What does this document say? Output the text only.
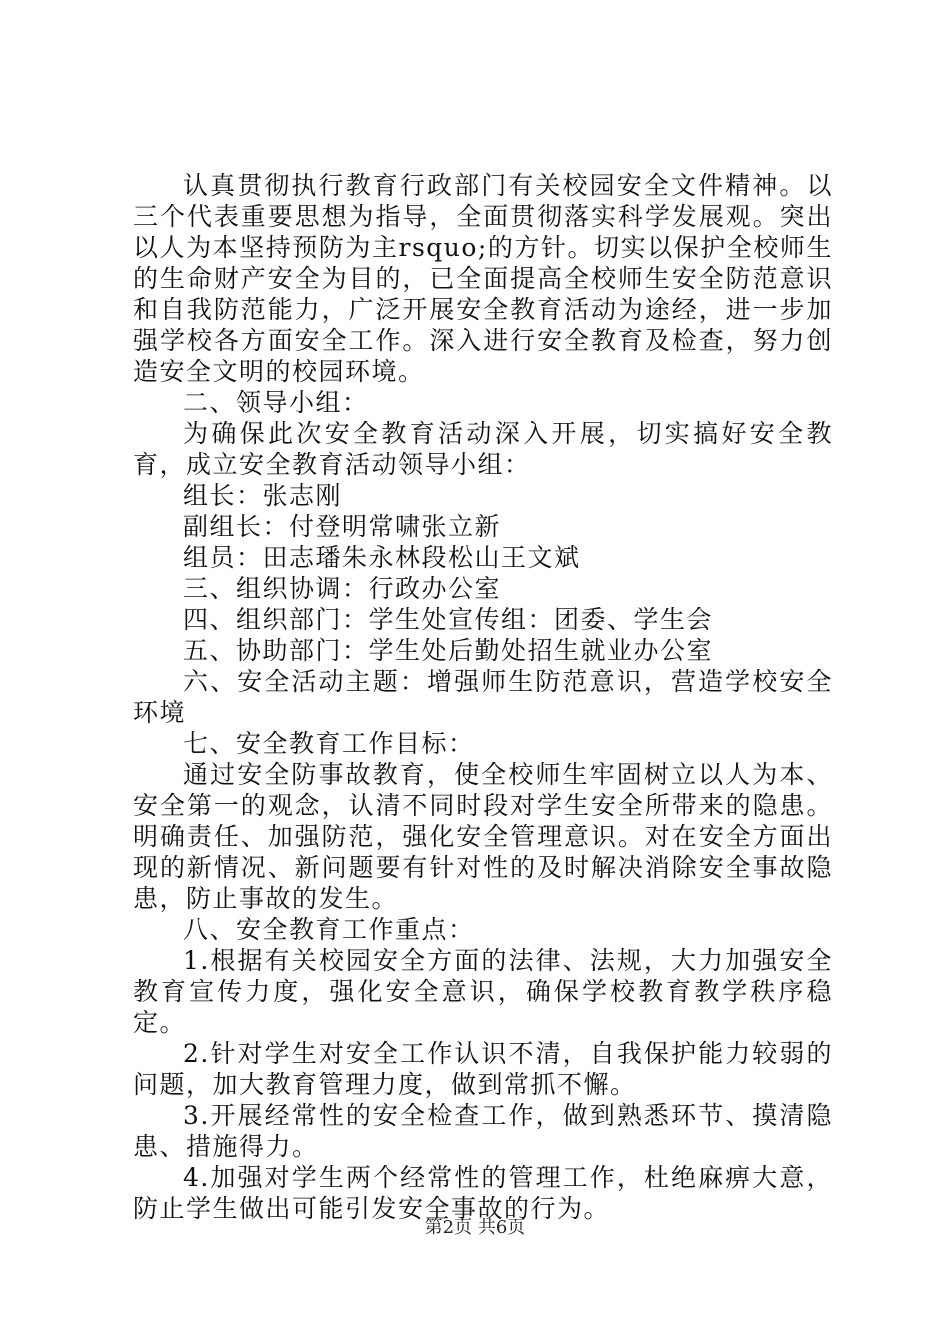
认真贯彻执行教育行政部门有关校园安全文件精神。以三个代表重要思想为指导，全面贯彻落实科学发展观。突出以人为本坚持预防为主rsquo;的方针。切实以保护全校师生的生命财产安全为目的，已全面提高全校师生安全防范意识和自我防范能力，广泛开展安全教育活动为途经，进一步加强学校各方面安全工作。深入进行安全教育及检查，努力创造安全文明的校园环境。

二、领导小组：

为确保此次安全教育活动深入开展，切实搞好安全教育，成立安全教育活动领导小组：

组长：张志刚

副组长：付登明常啸张立新

组员：田志璠朱永林段松山王文斌

三、组织协调：行政办公室

四、组织部门：学生处宣传组：团委、学生会

五、协助部门：学生处后勤处招生就业办公室

六、安全活动主题：增强师生防范意识，营造学校安全环境

七、安全教育工作目标：

通过安全防事故教育，使全校师生牢固树立以人为本、安全第一的观念，认清不同时段对学生安全所带来的隐患。明确责任、加强防范，强化安全管理意识。对在安全方面出现的新情况、新问题要有针对性的及时解决消除安全事故隐患，防止事故的发生。

八、安全教育工作重点：

1.根据有关校园安全方面的法律、法规，大力加强安全教育宣传力度，强化安全意识，确保学校教育教学秩序稳定。

2.针对学生对安全工作认识不清，自我保护能力较弱的问题，加大教育管理力度，做到常抓不懈。

3.开展经常性的安全检查工作，做到熟悉环节、摸清隐患、措施得力。

4.加强对学生两个经常性的管理工作，杜绝麻痹大意，防止学生做出可能引发安全事故的行为。

第2页 共6页
